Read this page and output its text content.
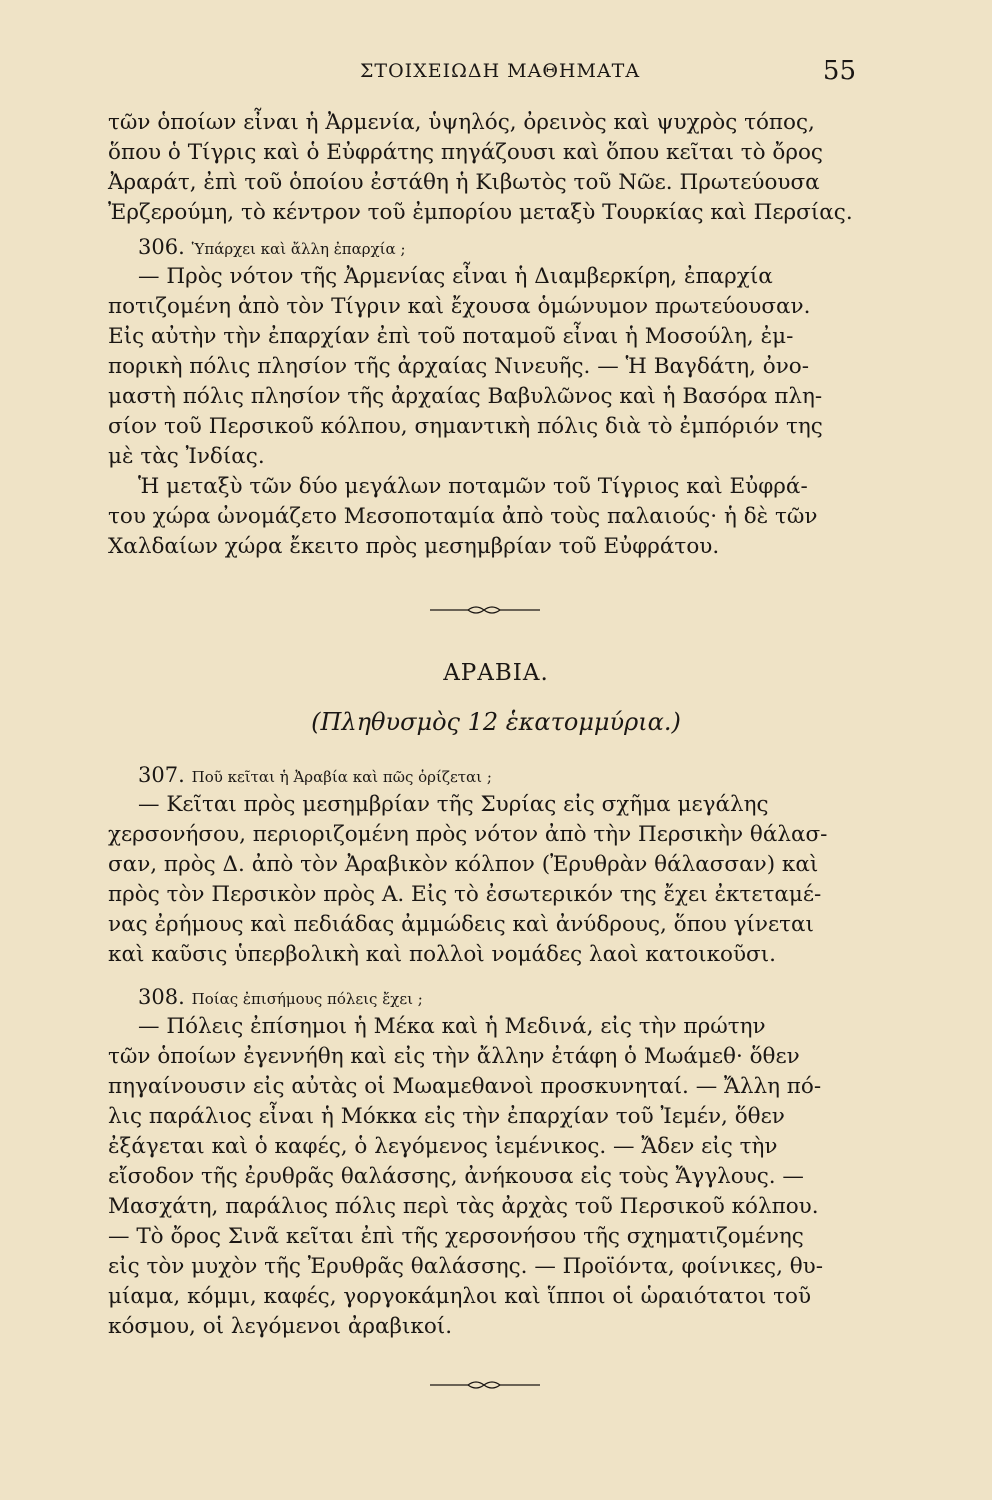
ΣΤΟΙΧΕΙΩΔΗ ΜΑΘΗΜΑΤΑ	55
τῶν ὁποίων εἶναι ἡ Ἀρμενία, ὑψηλός, ὀρεινὸς καὶ ψυχρὸς τόπος,
ὅπου ὁ Τίγρις καὶ ὁ Εὐφράτης πηγάζουσι καὶ ὅπου κεῖται τὸ ὄρος
Ἀραράτ, ἐπὶ τοῦ ὁποίου ἐστάθη ἡ Κιβωτὸς τοῦ Νῶε. Πρωτεύουσα
Ἐρζερούμη, τὸ κέντρον τοῦ ἐμπορίου μεταξὺ Τουρκίας καὶ Περσίας.
306. Ὑπάρχει καὶ ἄλλη ἐπαρχία ;
— Πρὸς νότον τῆς Ἀρμενίας εἶναι ἡ Διαμβερκίρη, ἐπαρχία
ποτιζομένη ἀπὸ τὸν Τίγριν καὶ ἔχουσα ὁμώνυμον πρωτεύουσαν.
Εἰς αὐτὴν τὴν ἐπαρχίαν ἐπὶ τοῦ ποταμοῦ εἶναι ἡ Μοσούλη, ἐμ-
πορικὴ πόλις πλησίον τῆς ἀρχαίας Νινευῆς. — Ἡ Βαγδάτη, ὀνο-
μαστὴ πόλις πλησίον τῆς ἀρχαίας Βαβυλῶνος καὶ ἡ Βασόρα πλη-
σίον τοῦ Περσικοῦ κόλπου, σημαντικὴ πόλις διὰ τὸ ἐμπόριόν της
μὲ τὰς Ἰνδίας.
Ἡ μεταξὺ τῶν δύο μεγάλων ποταμῶν τοῦ Τίγριος καὶ Εὐφρά-
του χώρα ὠνομάζετο Μεσοποταμία ἀπὸ τοὺς παλαιούς· ἡ δὲ τῶν
Χαλδαίων χώρα ἔκειτο πρὸς μεσημβρίαν τοῦ Εὐφράτου.
ΑΡΑΒΙΑ.
(Πληθυσμὸς 12 ἑκατομμύρια.)
307. Ποῦ κεῖται ἡ Ἀραβία καὶ πῶς ὁρίζεται ;
— Κεῖται πρὸς μεσημβρίαν τῆς Συρίας εἰς σχῆμα μεγάλης
χερσονήσου, περιοριζομένη πρὸς νότον ἀπὸ τὴν Περσικὴν θάλασ-
σαν, πρὸς Δ. ἀπὸ τὸν Ἀραβικὸν κόλπον (Ἐρυθρὰν θάλασσαν) καὶ
πρὸς τὸν Περσικὸν πρὸς Α. Εἰς τὸ ἐσωτερικόν της ἔχει ἐκτεταμέ-
νας ἐρήμους καὶ πεδιάδας ἀμμώδεις καὶ ἀνύδρους, ὅπου γίνεται
καὶ καῦσις ὑπερβολικὴ καὶ πολλοὶ νομάδες λαοὶ κατοικοῦσι.
308. Ποίας ἐπισήμους πόλεις ἔχει ;
— Πόλεις ἐπίσημοι ἡ Μέκα καὶ ἡ Μεδινά, εἰς τὴν πρώτην
τῶν ὁποίων ἐγεννήθη καὶ εἰς τὴν ἄλλην ἐτάφη ὁ Μωάμεθ· ὅθεν
πηγαίνουσιν εἰς αὐτὰς οἱ Μωαμεθανοὶ προσκυνηταί. — Ἄλλη πό-
λις παράλιος εἶναι ἡ Μόκκα εἰς τὴν ἐπαρχίαν τοῦ Ἰεμέν, ὅθεν
ἐξάγεται καὶ ὁ καφές, ὁ λεγόμενος ἰεμένικος. — Ἄδεν εἰς τὴν
εἴσοδον τῆς ἐρυθρᾶς θαλάσσης, ἀνήκουσα εἰς τοὺς Ἄγγλους. —
Μασχάτη, παράλιος πόλις περὶ τὰς ἀρχὰς τοῦ Περσικοῦ κόλπου.
— Τὸ ὄρος Σινᾶ κεῖται ἐπὶ τῆς χερσονήσου τῆς σχηματιζομένης
εἰς τὸν μυχὸν τῆς Ἐρυθρᾶς θαλάσσης. — Προϊόντα, φοίνικες, θυ-
μίαμα, κόμμι, καφές, γοργοκάμηλοι καὶ ἵπποι οἱ ὡραιότατοι τοῦ
κόσμου, οἱ λεγόμενοι ἀραβικοί.
